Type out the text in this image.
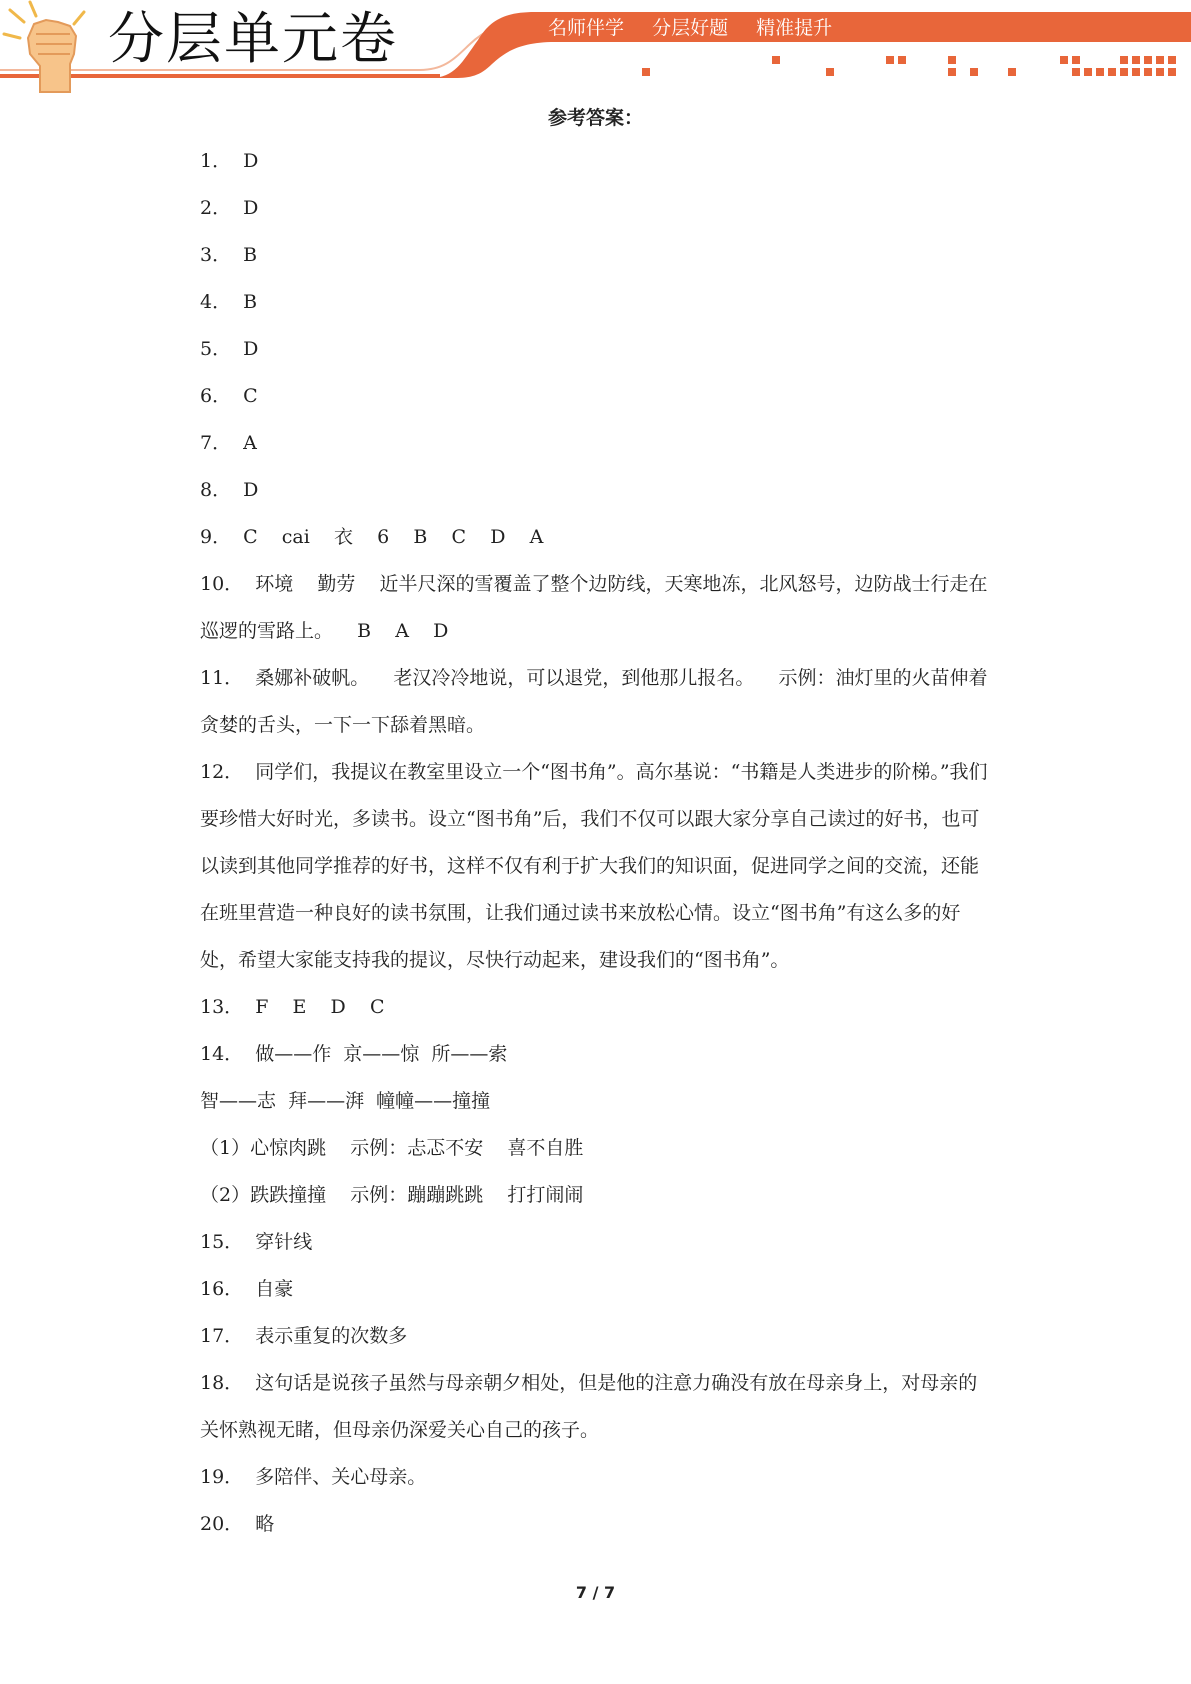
分层单元卷	名师伴学 分层好题 精准提升
参考答案：

1． D

2． D

3． B

4． B

5． D

6． C

7． A

8． D

9． C    cai    衣    6    B    C    D    A

10． 环境    勤劳    近半尺深的雪覆盖了整个边防线，天寒地冻，北风怒号，边防战士行走在巡逻的雪路上。    B    A    D

11． 桑娜补破帆。    老汉冷冷地说，可以退党，到他那儿报名。    示例：油灯里的火苗伸着贪婪的舌头，一下一下舔着黑暗。

12． 同学们，我提议在教室里设立一个“图书角”。高尔基说：“书籍是人类进步的阶梯。”我们要珍惜大好时光，多读书。设立“图书角”后，我们不仅可以跟大家分享自己读过的好书，也可以读到其他同学推荐的好书，这样不仅有利于扩大我们的知识面，促进同学之间的交流，还能在班里营造一种良好的读书氛围，让我们通过读书来放松心情。设立“图书角”有这么多的好处，希望大家能支持我的提议，尽快行动起来，建设我们的“图书角”。

13． F    E    D    C

14． 做——作  京——惊  所——索

智——志  拜——湃  幢幢——撞撞

（1）心惊肉跳    示例：忐忑不安    喜不自胜

（2）跌跌撞撞    示例：蹦蹦跳跳    打打闹闹

15． 穿针线

16． 自豪

17． 表示重复的次数多

18． 这句话是说孩子虽然与母亲朝夕相处，但是他的注意力确没有放在母亲身上，对母亲的关怀熟视无睹，但母亲仍深爱关心自己的孩子。

19． 多陪伴、关心母亲。

20． 略

7 / 7
